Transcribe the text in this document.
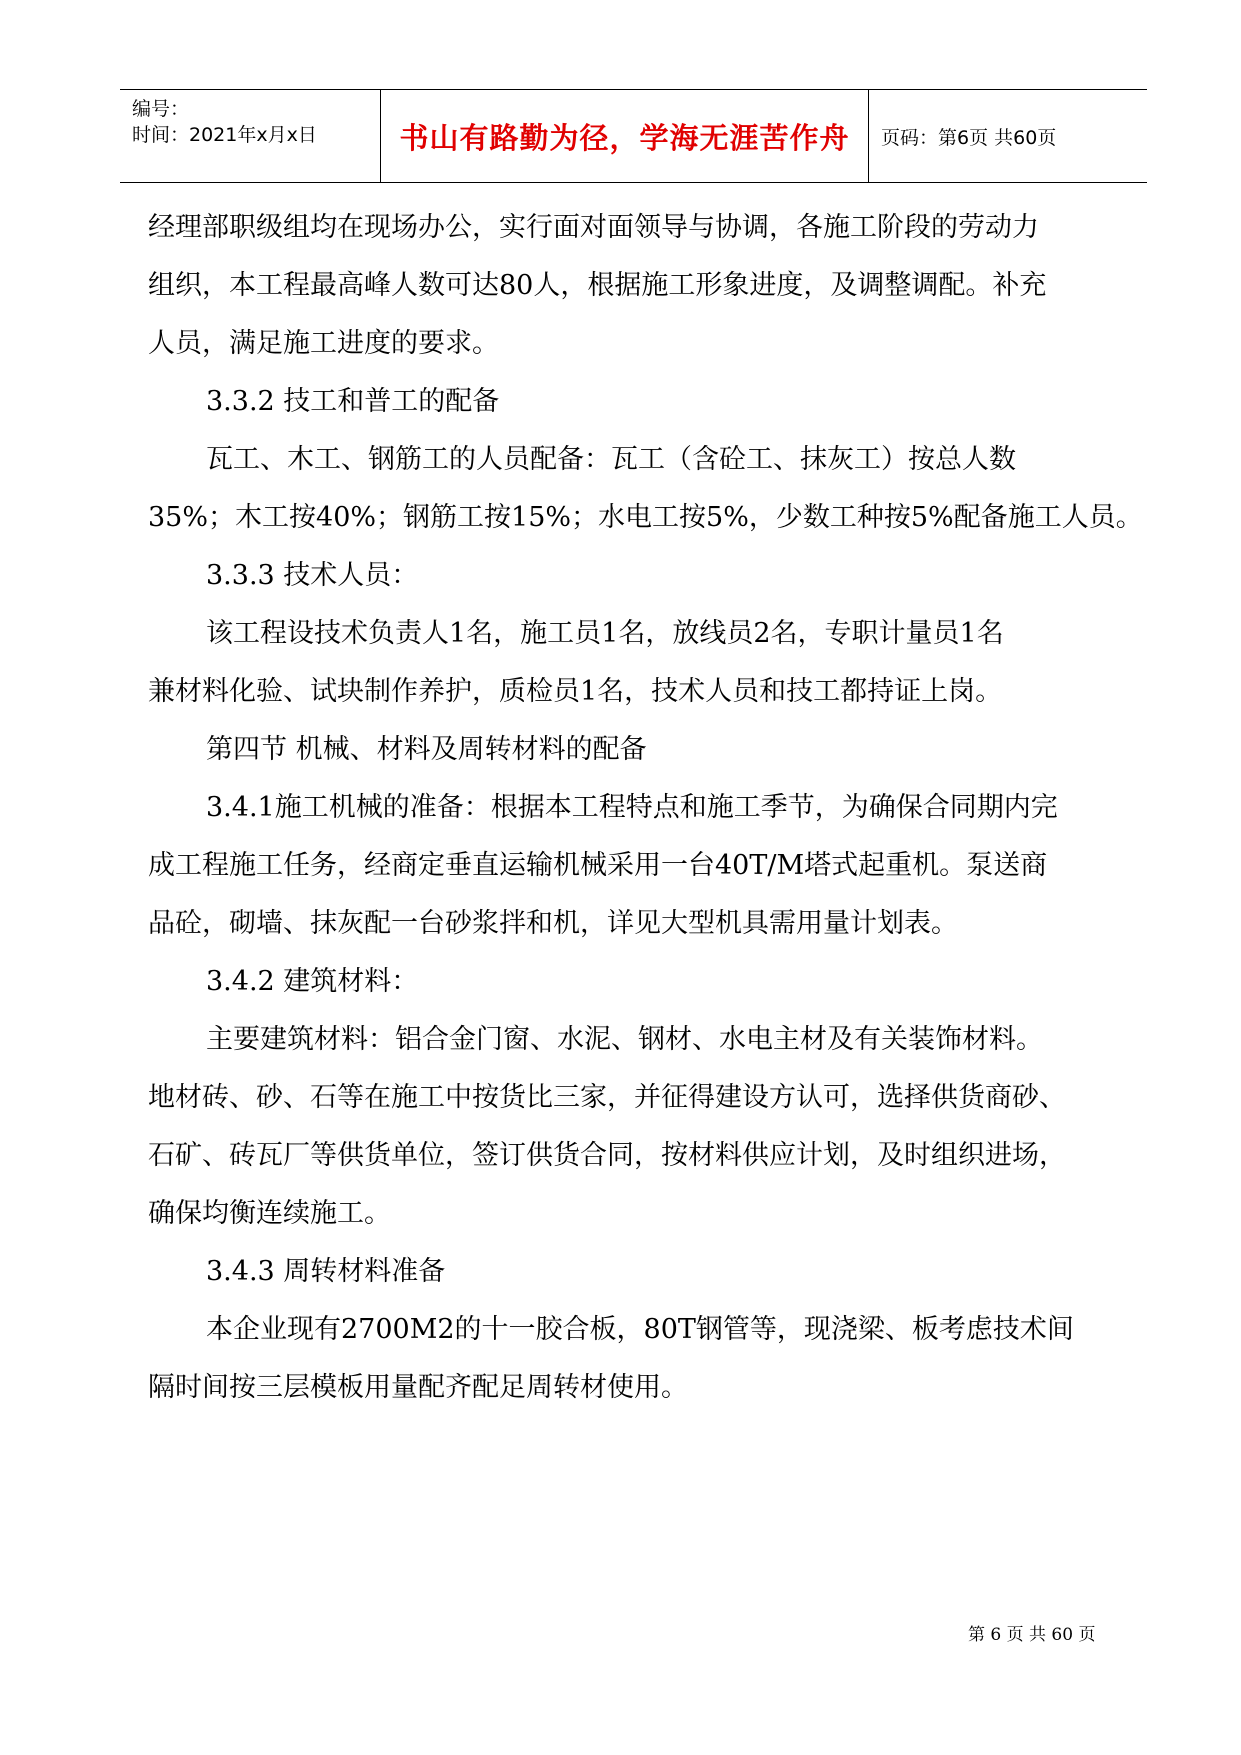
编号：
时间：2021年x月x日	书山有路勤为径，学海无涯苦作舟	页码：第6页 共60页
经理部职级组均在现场办公，实行面对面领导与协调，各施工阶段的劳动力
组织，本工程最高峰人数可达80人，根据施工形象进度，及调整调配。补充
人员，满足施工进度的要求。
3.3.2 技工和普工的配备
瓦工、木工、钢筋工的人员配备：瓦工（含砼工、抹灰工）按总人数
35%；木工按40%；钢筋工按15%；水电工按5%，少数工种按5%配备施工人员。
3.3.3 技术人员：
该工程设技术负责人1名，施工员1名，放线员2名，专职计量员1名
兼材料化验、试块制作养护，质检员1名，技术人员和技工都持证上岗。
第四节 机械、材料及周转材料的配备
3.4.1施工机械的准备：根据本工程特点和施工季节，为确保合同期内完
成工程施工任务，经商定垂直运输机械采用一台40T/M塔式起重机。泵送商
品砼，砌墙、抹灰配一台砂浆拌和机，详见大型机具需用量计划表。
3.4.2 建筑材料：
主要建筑材料：铝合金门窗、水泥、钢材、水电主材及有关装饰材料。
地材砖、砂、石等在施工中按货比三家，并征得建设方认可，选择供货商砂、
石矿、砖瓦厂等供货单位，签订供货合同，按材料供应计划，及时组织进场，
确保均衡连续施工。
3.4.3 周转材料准备
本企业现有2700M2的十一胶合板，80T钢管等，现浇梁、板考虑技术间
隔时间按三层模板用量配齐配足周转材使用。
第 6 页 共 60 页
